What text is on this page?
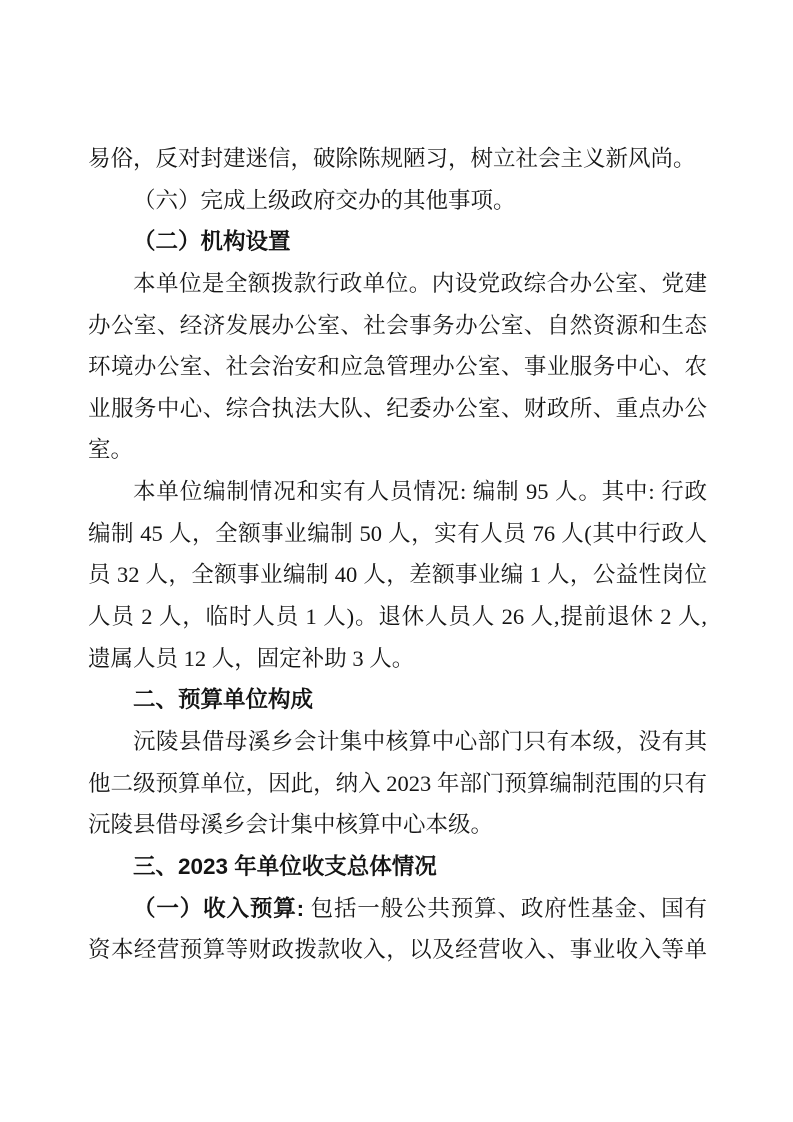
易俗，反对封建迷信，破除陈规陋习，树立社会主义新风尚。
（六）完成上级政府交办的其他事项。
（二）机构设置
本单位是全额拨款行政单位。内设党政综合办公室、党建
办公室、经济发展办公室、社会事务办公室、自然资源和生态
环境办公室、社会治安和应急管理办公室、事业服务中心、农
业服务中心、综合执法大队、纪委办公室、财政所、重点办公
室。
本单位编制情况和实有人员情况: 编制 95 人。其中: 行政
编制 45 人，全额事业编制 50 人，实有人员 76 人(其中行政人
员 32 人，全额事业编制 40 人，差额事业编 1 人，公益性岗位
人员 2 人，临时人员 1 人)。退休人员人 26 人,提前退休 2 人,
遗属人员 12 人，固定补助 3 人。
二、预算单位构成
沅陵县借母溪乡会计集中核算中心部门只有本级，没有其
他二级预算单位，因此，纳入 2023 年部门预算编制范围的只有
沅陵县借母溪乡会计集中核算中心本级。
三、2023 年单位收支总体情况
（一）收入预算: 包括一般公共预算、政府性基金、国有
资本经营预算等财政拨款收入，以及经营收入、事业收入等单
